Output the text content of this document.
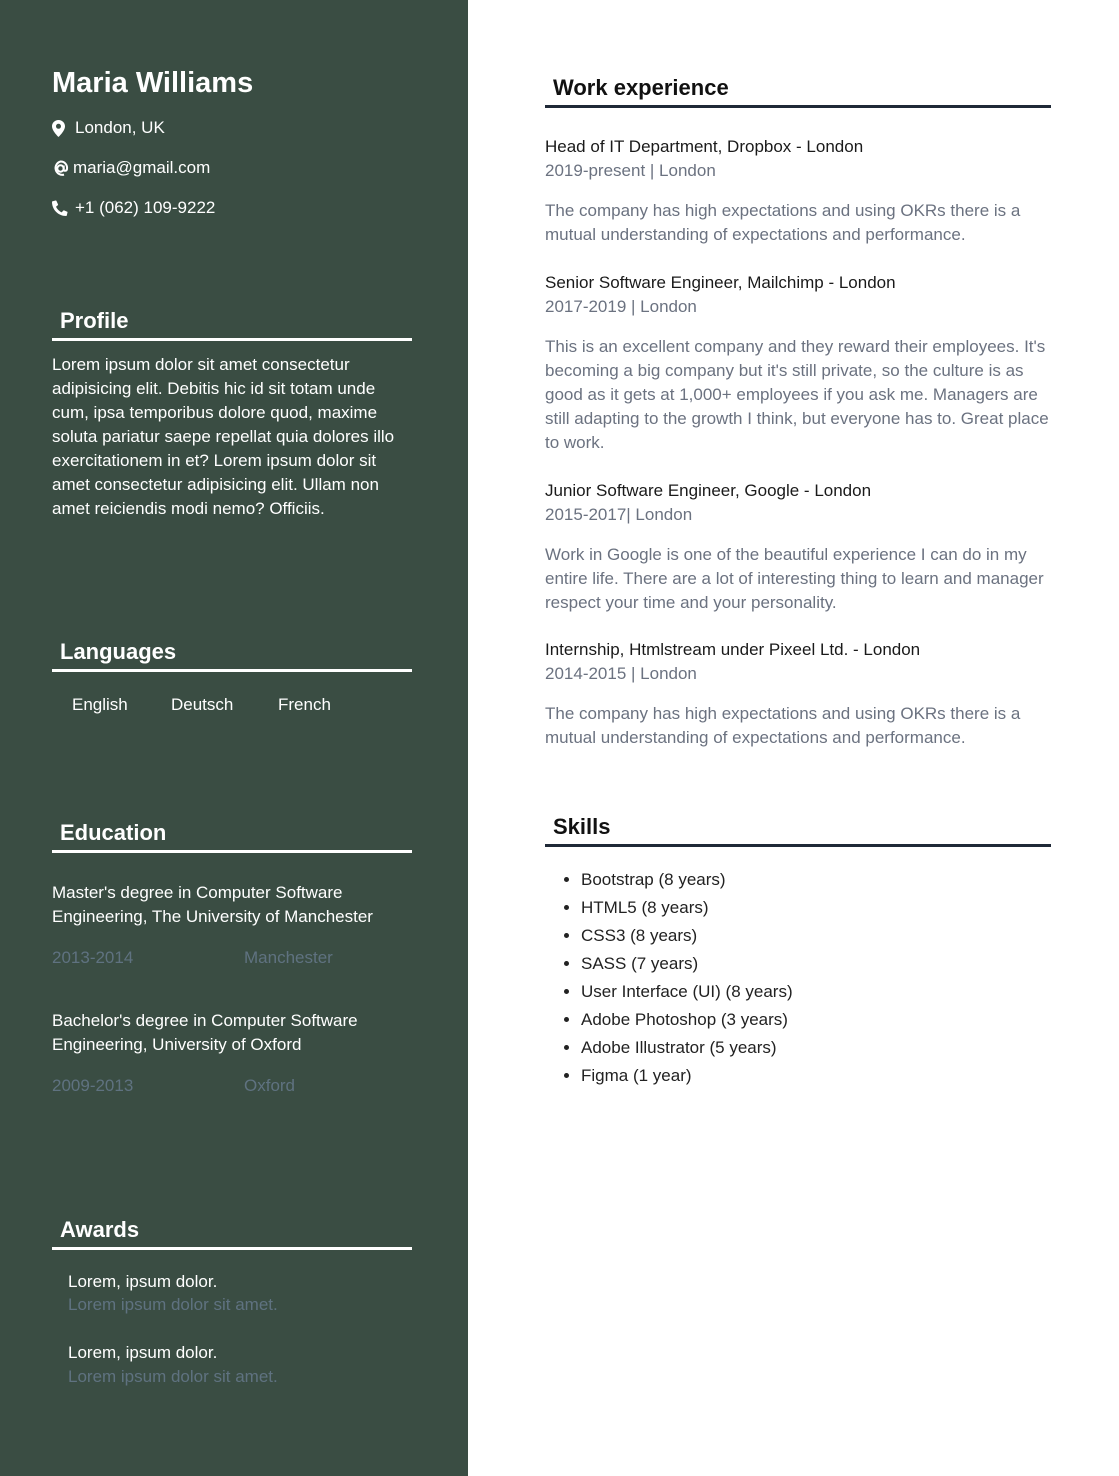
Maria Williams
London, UK
maria@gmail.com
+1 (062) 109-9222
Profile

Lorem ipsum dolor sit amet consectetur adipisicing elit. Debitis hic id sit totam unde cum, ipsa temporibus dolore quod, maxime soluta pariatur saepe repellat quia dolores illo exercitationem in et? Lorem ipsum dolor sit amet consectetur adipisicing elit. Ullam non amet reiciendis modi nemo? Officiis.

Languages
English	Deutsch	French
Education

Master's degree in Computer Software Engineering, The University of Manchester

2013-2014	Manchester

Bachelor's degree in Computer Software Engineering, University of Oxford

2009-2013	Oxford
Awards
Lorem, ipsum dolor.
Lorem ipsum dolor sit amet.
Lorem, ipsum dolor.
Lorem ipsum dolor sit amet.
Work experience
Head of IT Department, Dropbox - London
2019-present | London

The company has high expectations and using OKRs there is a mutual understanding of expectations and performance.

Senior Software Engineer, Mailchimp - London
2017-2019 | London

This is an excellent company and they reward their employees. It's becoming a big company but it's still private, so the culture is as good as it gets at 1,000+ employees if you ask me. Managers are still adapting to the growth I think, but everyone has to. Great place to work.

Junior Software Engineer, Google - London
2015-2017| London

Work in Google is one of the beautiful experience I can do in my entire life. There are a lot of interesting thing to learn and manager respect your time and your personality.

Internship, Htmlstream under Pixeel Ltd. - London
2014-2015 | London

The company has high expectations and using OKRs there is a mutual understanding of expectations and performance.

Skills
• Bootstrap (8 years)
• HTML5 (8 years)
• CSS3 (8 years)
• SASS (7 years)
• User Interface (UI) (8 years)
• Adobe Photoshop (3 years)
• Adobe Illustrator (5 years)
• Figma (1 year)
